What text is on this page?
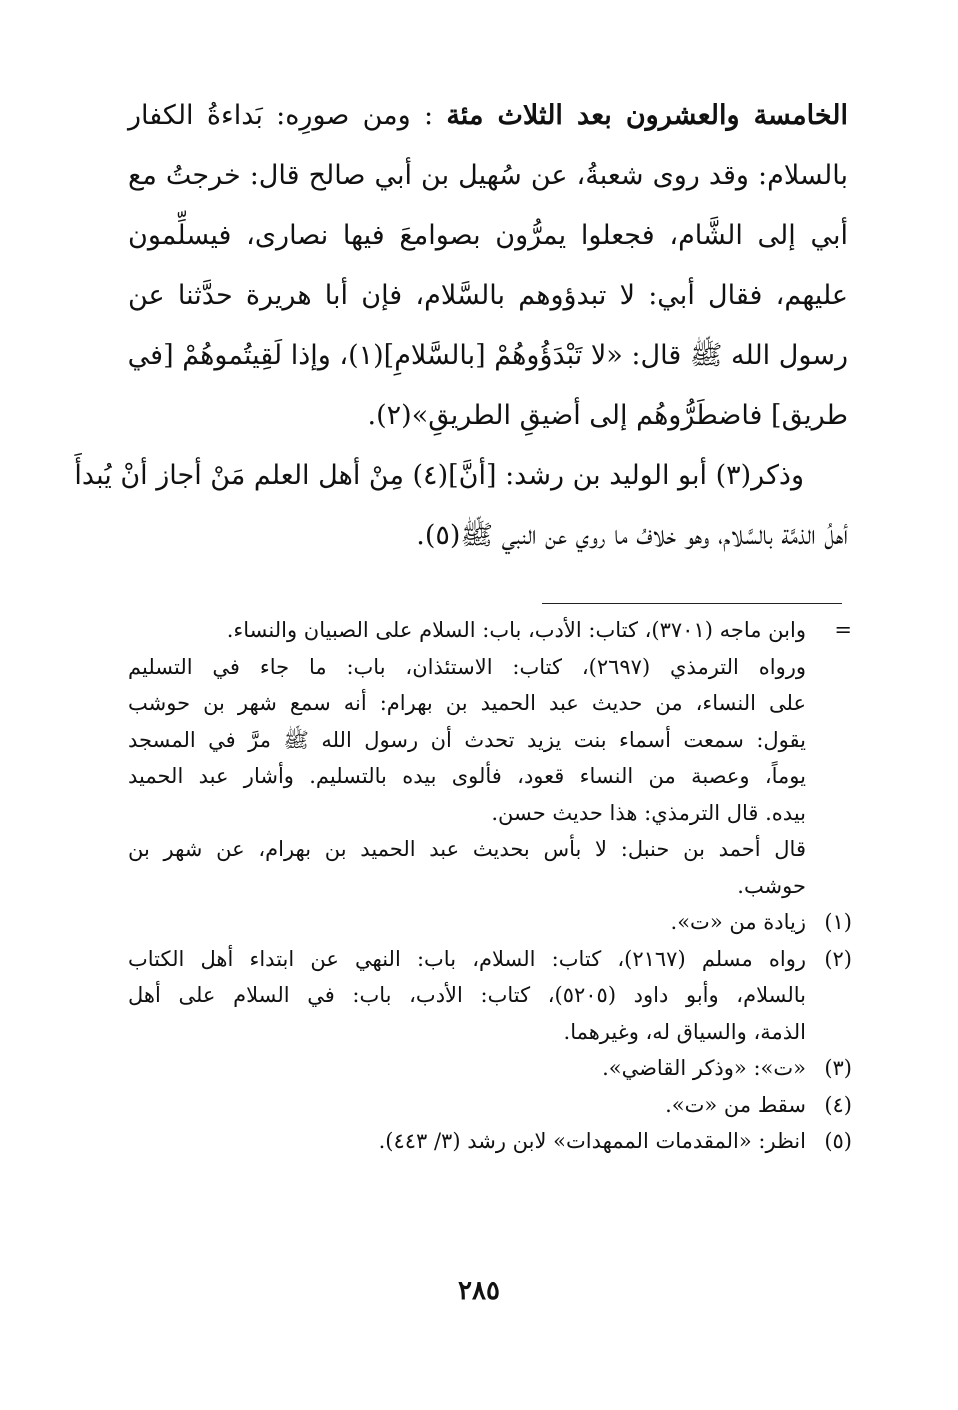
الخامسة والعشرون بعد الثلاث مئة : ومن صورِه: بَداءةُ الكفار
بالسلام: وقد روى شعبةُ، عن سُهيل بن أبي صالح قال: خرجتُ مع
أبي إلى الشَّام، فجعلوا يمرُّون بصوامعَ فيها نصارى، فيسلِّمون
عليهم، فقال أبي: لا تبدؤوهم بالسَّلام، فإن أبا هريرة حدَّثنا عن
رسول الله ﷺ قال: «لا تَبْدَؤُوهُمْ [بالسَّلامِ](١)، وإذا لَقِيتُموهُمْ [في
طريق] فاضطَرُّوهُم إلى أضيقِ الطريقِ»(٢).
وذكر(٣) أبو الوليد بن رشد: [أنَّ](٤) مِنْ أهل العلم مَنْ أجاز أنْ يُبدأَ
أهلُ الذمَّة بالسَّلام، وهو خلافُ ما روي عن النبي ﷺ(٥).
=
وابن ماجه (٣٧٠١)، كتاب: الأدب، باب: السلام على الصبيان والنساء.
ورواه الترمذي (٢٦٩٧)، كتاب: الاستئذان، باب: ما جاء في التسليم
على النساء، من حديث عبد الحميد بن بهرام: أنه سمع شهر بن حوشب
يقول: سمعت أسماء بنت يزيد تحدث أن رسول الله ﷺ مرَّ في المسجد
يوماً، وعصبة من النساء قعود، فألوى بيده بالتسليم. وأشار عبد الحميد
بيده. قال الترمذي: هذا حديث حسن.
قال أحمد بن حنبل: لا بأس بحديث عبد الحميد بن بهرام، عن شهر بن
حوشب.
(١)
زيادة من «ت».
(٢)
رواه مسلم (٢١٦٧)، كتاب: السلام، باب: النهي عن ابتداء أهل الكتاب
بالسلام، وأبو داود (٥٢٠٥)، كتاب: الأدب، باب: في السلام على أهل
الذمة، والسياق له، وغيرهما.
(٣)
«ت»: «وذكر القاضي».
(٤)
سقط من «ت».
(٥)
انظر: «المقدمات الممهدات» لابن رشد (٣/ ٤٤٣).
٢٨٥
